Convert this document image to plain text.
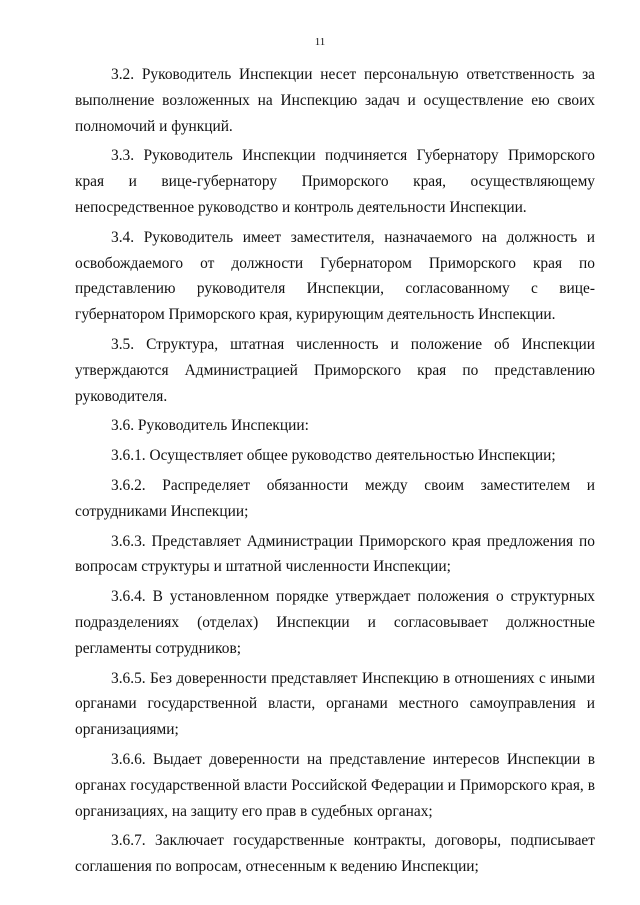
11

3.2. Руководитель Инспекции несет персональную ответственность за выполнение возложенных на Инспекцию задач и осуществление ею своих полномочий и функций.

3.3. Руководитель Инспекции подчиняется Губернатору Приморского края и вице-губернатору Приморского края, осуществляющему непосредственное руководство и контроль деятельности Инспекции.

3.4. Руководитель имеет заместителя, назначаемого на должность и освобождаемого от должности Губернатором Приморского края по представлению руководителя Инспекции, согласованному с вице-губернатором Приморского края, курирующим деятельность Инспекции.

3.5. Структура, штатная численность и положение об Инспекции утверждаются Администрацией Приморского края по представлению руководителя.

3.6. Руководитель Инспекции:

3.6.1. Осуществляет общее руководство деятельностью Инспекции;

3.6.2. Распределяет обязанности между своим заместителем и сотрудниками Инспекции;

3.6.3. Представляет Администрации Приморского края предложения по вопросам структуры и штатной численности Инспекции;

3.6.4. В установленном порядке утверждает положения о структурных подразделениях (отделах) Инспекции и согласовывает должностные регламенты сотрудников;

3.6.5. Без доверенности представляет Инспекцию в отношениях с иными органами государственной власти, органами местного самоуправления и организациями;

3.6.6. Выдает доверенности на представление интересов Инспекции в органах государственной власти Российской Федерации и Приморского края, в организациях, на защиту его прав в судебных органах;

3.6.7. Заключает государственные контракты, договоры, подписывает соглашения по вопросам, отнесенным к ведению Инспекции;
